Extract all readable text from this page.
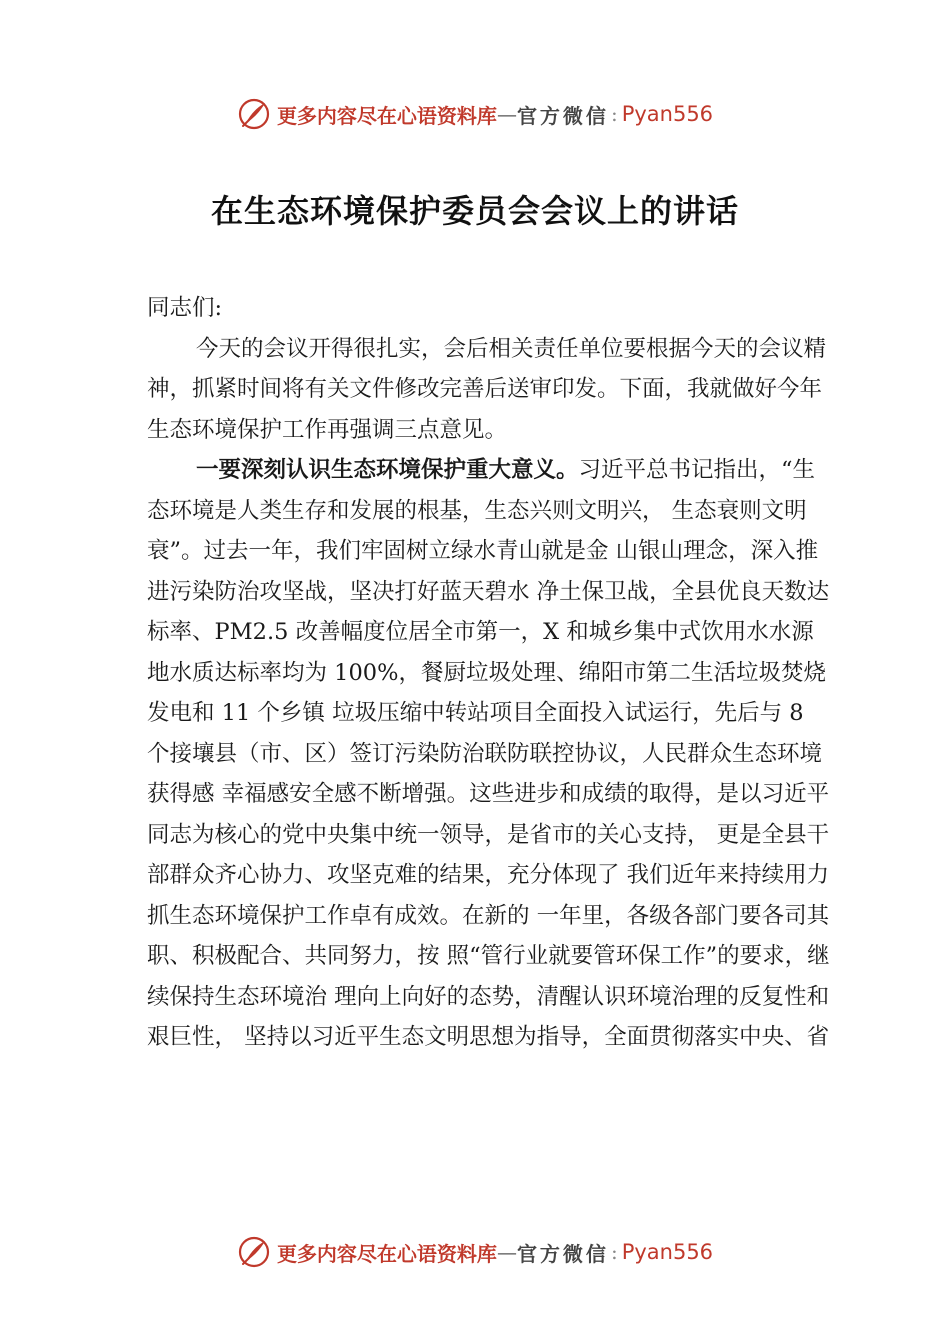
更多内容尽在心语资料库 — 官方微信 : Pyan556
在生态环境保护委员会会议上的讲话

同志们:

今天的会议开得很扎实，会后相关责任单位要根据今天的会议精神，抓紧时间将有关文件修改完善后送审印发。下面，我就做好今年生态环境保护工作再强调三点意见。

一要深刻认识生态环境保护重大意义。习近平总书记指出，“生态环境是人类生存和发展的根基，生态兴则文明兴， 生态衰则文明衰”。过去一年，我们牢固树立绿水青山就是金 山银山理念，深入推进污染防治攻坚战，坚决打好蓝天碧水 净土保卫战，全县优良天数达标率、PM2.5 改善幅度位居全市第一，X 和城乡集中式饮用水水源地水质达标率均为 100%，餐厨垃圾处理、绵阳市第二生活垃圾焚烧发电和 11 个乡镇 垃圾压缩中转站项目全面投入试运行，先后与 8 个接壤县（市、区）签订污染防治联防联控协议，人民群众生态环境获得感 幸福感安全感不断增强。这些进步和成绩的取得，是以习近平同志为核心的党中央集中统一领导，是省市的关心支持， 更是全县干部群众齐心协力、攻坚克难的结果，充分体现了 我们近年来持续用力抓生态环境保护工作卓有成效。在新的 一年里，各级各部门要各司其职、积极配合、共同努力，按 照“管行业就要管环保工作”的要求，继续保持生态环境治 理向上向好的态势，清醒认识环境治理的反复性和艰巨性， 坚持以习近平生态文明思想为指导，全面贯彻落实中央、省

更多内容尽在心语资料库 — 官方微信 : Pyan556
